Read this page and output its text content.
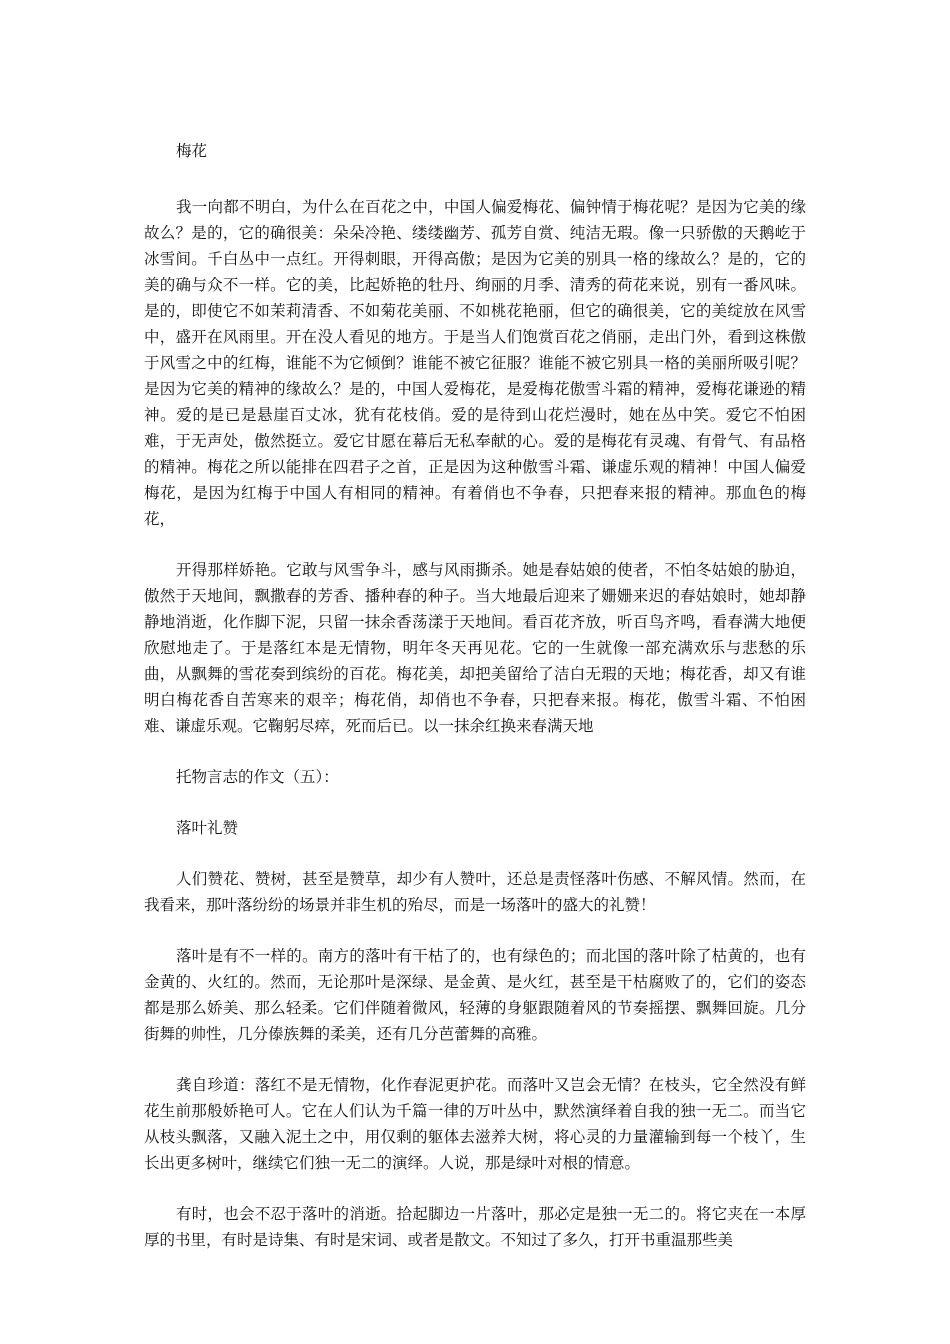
梅花

我一向都不明白，为什么在百花之中，中国人偏爱梅花、偏钟情于梅花呢？是因为它美的缘故么？是的，它的确很美：朵朵冷艳、缕缕幽芳、孤芳自赏、纯洁无瑕。像一只骄傲的天鹅屹于冰雪间。千白丛中一点红。开得刺眼，开得高傲；是因为它美的别具一格的缘故么？是的，它的美的确与众不一样。它的美，比起娇艳的牡丹、绚丽的月季、清秀的荷花来说，别有一番风味。是的，即使它不如茉莉清香、不如菊花美丽、不如桃花艳丽，但它的确很美，它的美绽放在风雪中，盛开在风雨里。开在没人看见的地方。于是当人们饱赏百花之俏丽，走出门外，看到这株傲于风雪之中的红梅，谁能不为它倾倒？谁能不被它征服？谁能不被它别具一格的美丽所吸引呢？是因为它美的精神的缘故么？是的，中国人爱梅花，是爱梅花傲雪斗霜的精神，爱梅花谦逊的精神。爱的是已是悬崖百丈冰，犹有花枝俏。爱的是待到山花烂漫时，她在丛中笑。爱它不怕困难，于无声处，傲然挺立。爱它甘愿在幕后无私奉献的心。爱的是梅花有灵魂、有骨气、有品格的精神。梅花之所以能排在四君子之首，正是因为这种傲雪斗霜、谦虚乐观的精神！中国人偏爱梅花，是因为红梅于中国人有相同的精神。有着俏也不争春，只把春来报的精神。那血色的梅花，

开得那样娇艳。它敢与风雪争斗，感与风雨撕杀。她是春姑娘的使者，不怕冬姑娘的胁迫，傲然于天地间，飘撒春的芳香、播种春的种子。当大地最后迎来了姗姗来迟的春姑娘时，她却静静地消逝，化作脚下泥，只留一抹余香荡漾于天地间。看百花齐放，听百鸟齐鸣，看春满大地便欣慰地走了。于是落红本是无情物，明年冬天再见花。它的一生就像一部充满欢乐与悲愁的乐曲，从飘舞的雪花奏到缤纷的百花。梅花美，却把美留给了洁白无瑕的天地；梅花香，却又有谁明白梅花香自苦寒来的艰辛；梅花俏，却俏也不争春，只把春来报。梅花，傲雪斗霜、不怕困难、谦虚乐观。它鞠躬尽瘁，死而后已。以一抹余红换来春满天地

托物言志的作文（五）：

落叶礼赞

人们赞花、赞树，甚至是赞草，却少有人赞叶，还总是责怪落叶伤感、不解风情。然而，在我看来，那叶落纷纷的场景并非生机的殆尽，而是一场落叶的盛大的礼赞！

落叶是有不一样的。南方的落叶有干枯了的，也有绿色的；而北国的落叶除了枯黄的，也有金黄的、火红的。然而，无论那叶是深绿、是金黄、是火红，甚至是干枯腐败了的，它们的姿态都是那么娇美、那么轻柔。它们伴随着微风，轻薄的身躯跟随着风的节奏摇摆、飘舞回旋。几分街舞的帅性，几分傣族舞的柔美，还有几分芭蕾舞的高雅。

龚自珍道：落红不是无情物，化作春泥更护花。而落叶又岂会无情？在枝头，它全然没有鲜花生前那般娇艳可人。它在人们认为千篇一律的万叶丛中，默然演绎着自我的独一无二。而当它从枝头飘落，又融入泥土之中，用仅剩的躯体去滋养大树，将心灵的力量灌输到每一个枝丫，生长出更多树叶，继续它们独一无二的演绎。人说，那是绿叶对根的情意。

有时，也会不忍于落叶的消逝。拾起脚边一片落叶，那必定是独一无二的。将它夹在一本厚厚的书里，有时是诗集、有时是宋词、或者是散文。不知过了多久，打开书重温那些美
